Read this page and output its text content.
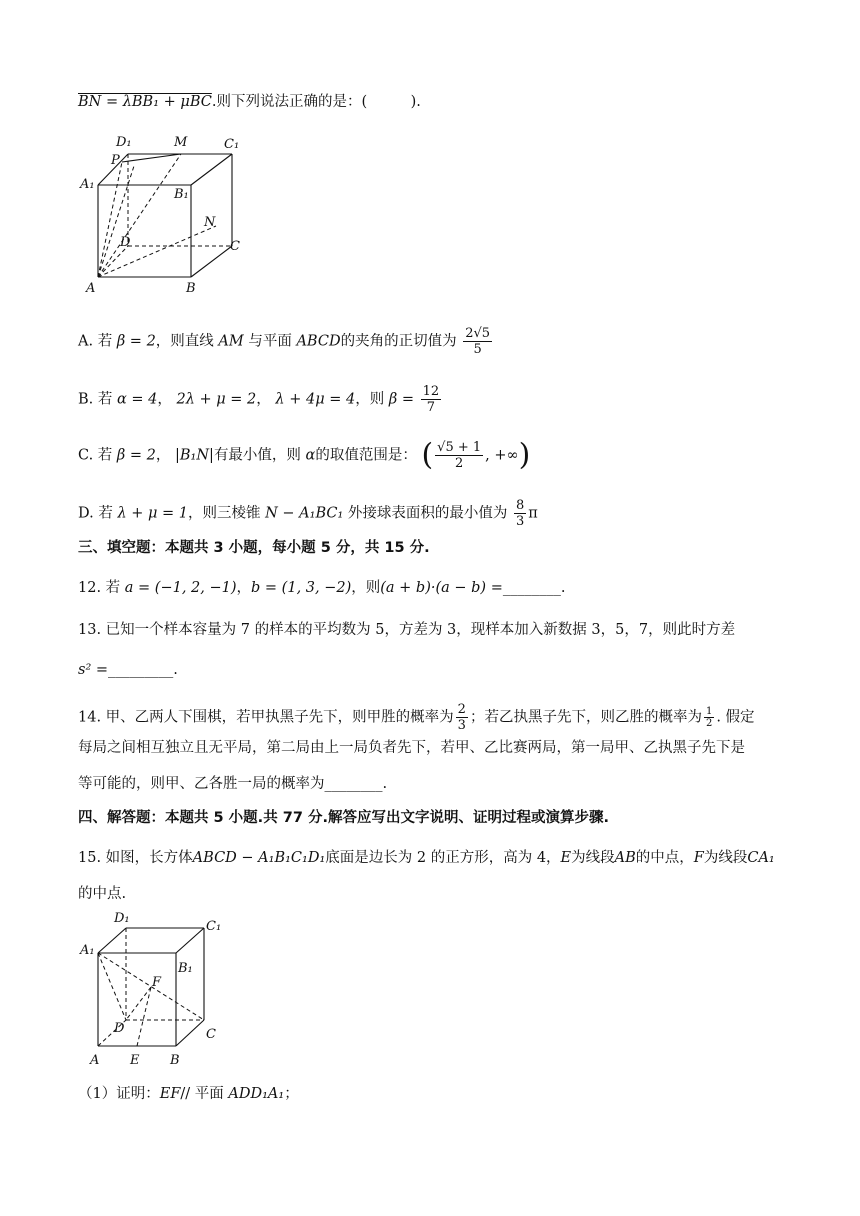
BN = λBB₁ + μBC.则下列说法正确的是：(　　　).
D₁	M	C₁
P
A₁
B₁
N
D	C
A	B
A. 若 β = 2，则直线 AM 与平面 ABCD的夹角的正切值为 $\frac{2√5}{5}$
B. 若 α = 4， 2λ + μ = 2， λ + 4μ = 4，则 $\beta = \frac{12}{7}$
C. 若 β = 2， |B₁N|有最小值，则 α的取值范围是： ( $\frac{√5 + 1}{2}$ , +∞)
D. 若 λ + μ = 1，则三棱锥 N − A₁BC₁ 外接球表面积的最小值为 $\frac{8}{3}$ π
三、填空题：本题共 3 小题，每小题 5 分，共 15 分.
12. 若 a = (−1, 2, −1)，b = (1, 3, −2)，则(a + b)·(a − b) =________.
13. 已知一个样本容量为 7 的样本的平均数为 5，方差为 3，现样本加入新数据 3，5，7，则此时方差
s² =_________.
14. 甲、乙两人下围棋，若甲执黑子先下，则甲胜的概率为 $\frac{2}{3}$ ；若乙执黑子先下，则乙胜的概率为 $\frac{1}{2}$ . 假定
每局之间相互独立且无平局，第二局由上一局负者先下，若甲、乙比赛两局，第一局甲、乙执黑子先下是
等可能的，则甲、乙各胜一局的概率为________.
四、解答题：本题共 5 小题.共 77 分.解答应写出文字说明、证明过程或演算步骤.
15. 如图，长方体ABCD − A₁B₁C₁D₁底面是边长为 2 的正方形，高为 4，E为线段AB的中点，F为线段CA₁
的中点.
D₁
C₁
A₁
B₁
F
D	C
A E B
（1）证明：EF// 平面 ADD₁A₁；
